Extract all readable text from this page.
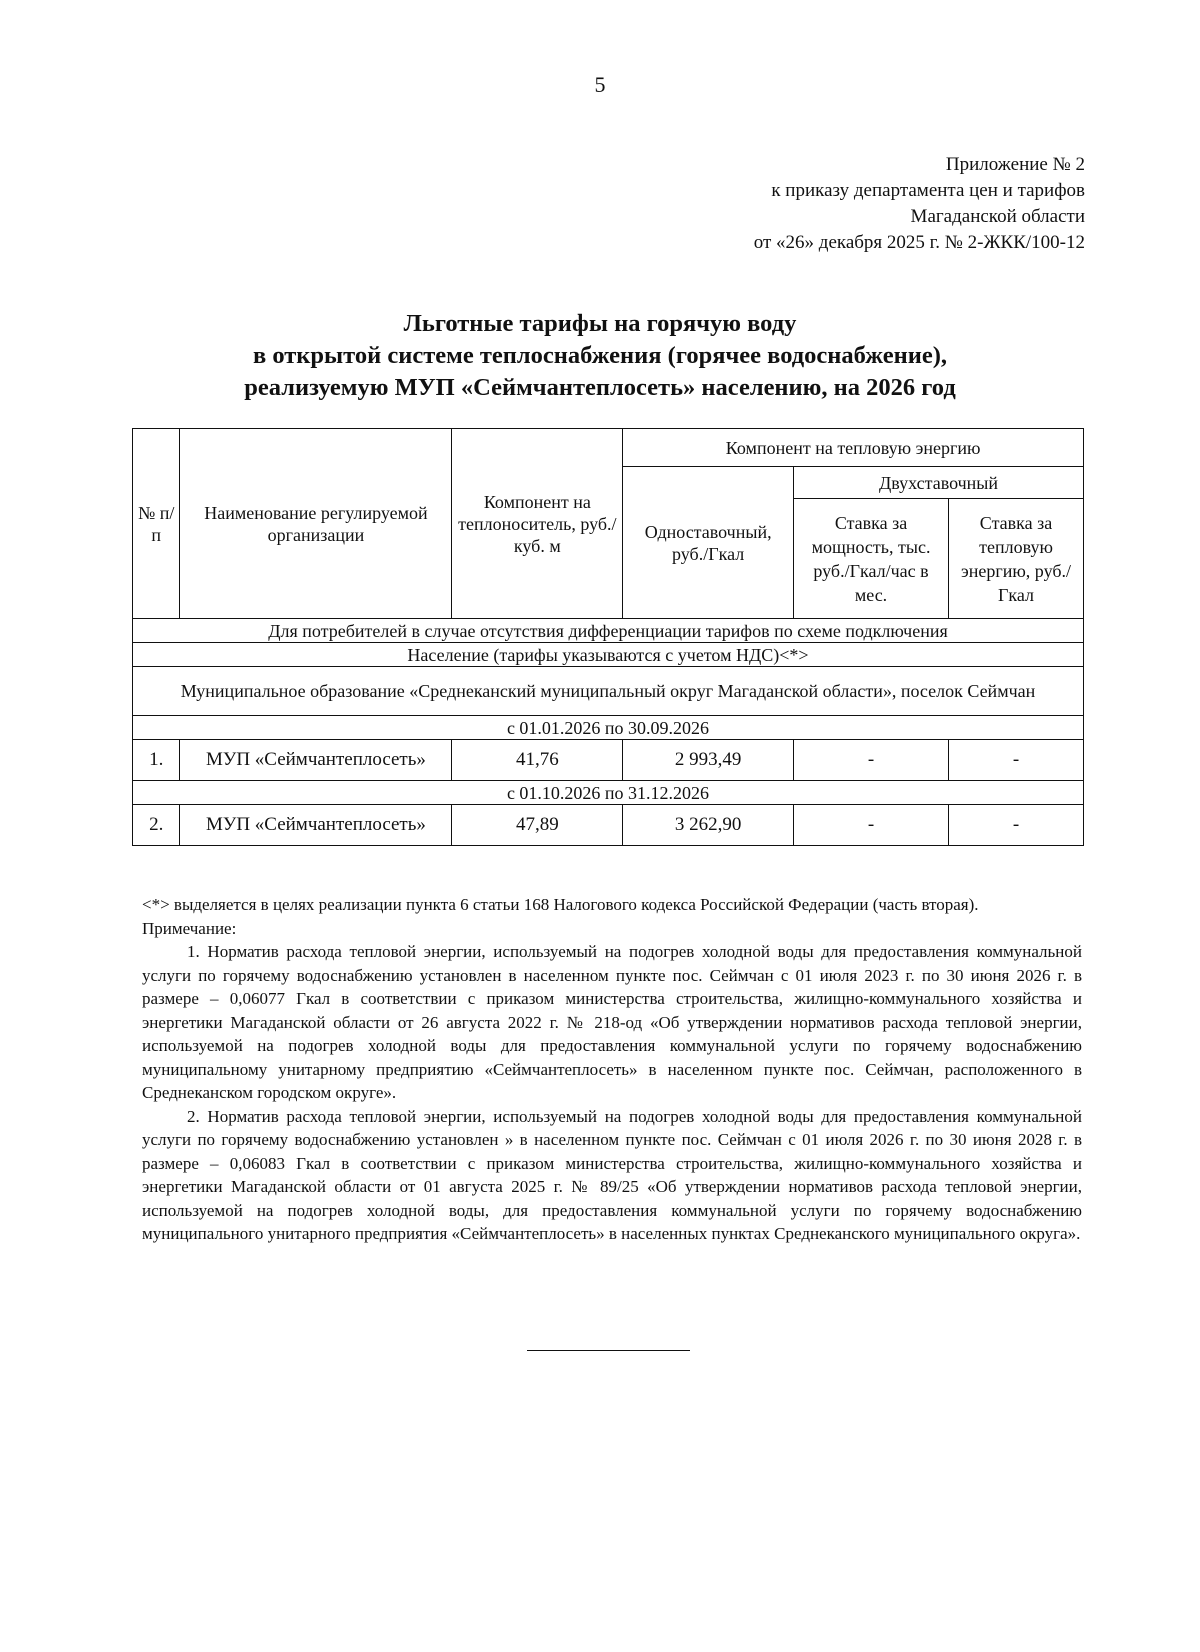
5
Приложение № 2
к приказу департамента цен и тарифов
Магаданской области
от «26» декабря 2025 г. № 2-ЖКК/100-12
Льготные тарифы на горячую воду
в открытой системе теплоснабжения (горячее водоснабжение),
реализуемую МУП «Сеймчантеплосеть» населению, на 2026 год
№ п/п	Наименование регулируемой организации	Компонент на теплоноситель, руб./куб. м	Компонент на тепловую энергию		
			Одноставочный, руб./Гкал	Двухставочный	
				Ставка за мощность, тыс. руб./Гкал/час в мес.	Ставка за тепловую энергию, руб./Гкал
Для потребителей в случае отсутствия дифференциации тарифов по схеме подключения					
Население (тарифы указываются с учетом НДС)<*>					
Муниципальное образование «Среднеканский муниципальный округ Магаданской области», поселок Сеймчан					
с 01.01.2026 по 30.09.2026					
1.	МУП «Сеймчантеплосеть»	41,76	2 993,49	-	-
с 01.10.2026 по 31.12.2026					
2.	МУП «Сеймчантеплосеть»	47,89	3 262,90	-	-

<*> выделяется в целях реализации пункта 6 статьи 168 Налогового кодекса Российской Федерации (часть вторая).

Примечание:

1. Норматив расхода тепловой энергии, используемый на подогрев холодной воды для предоставления коммунальной услуги по горячему водоснабжению установлен в населенном пункте пос. Сеймчан с 01 июля 2023 г. по 30 июня 2026 г. в размере – 0,06077 Гкал в соответствии с приказом министерства строительства, жилищно-коммунального хозяйства и энергетики Магаданской области от 26 августа 2022 г. № 218-од «Об утверждении нормативов расхода тепловой энергии, используемой на подогрев холодной воды для предоставления коммунальной услуги по горячему водоснабжению муниципальному унитарному предприятию «Сеймчантеплосеть» в населенном пункте пос. Сеймчан, расположенного в Среднеканском городском округе».

2. Норматив расхода тепловой энергии, используемый на подогрев холодной воды для предоставления коммунальной услуги по горячему водоснабжению установлен » в населенном пункте пос. Сеймчан с 01 июля 2026 г. по 30 июня 2028 г. в размере – 0,06083 Гкал в соответствии с приказом министерства строительства, жилищно-коммунального хозяйства и энергетики Магаданской области от 01 августа 2025 г. № 89/25 «Об утверждении нормативов расхода тепловой энергии, используемой на подогрев холодной воды, для предоставления коммунальной услуги по горячему водоснабжению муниципального унитарного предприятия «Сеймчантеплосеть» в населенных пунктах Среднеканского муниципального округа».
